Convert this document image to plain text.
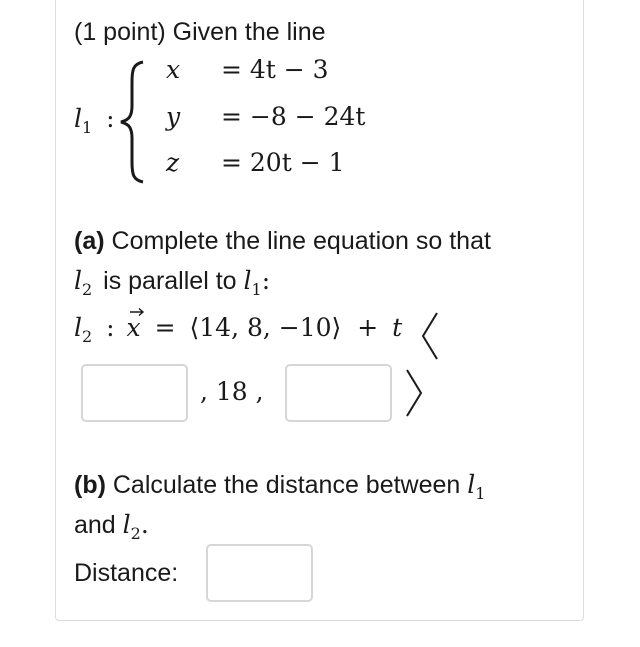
(1 point) Given the line
$l_1$ :
x = 4t − 3
y = −8 − 24t
z = 20t − 1
(a) Complete the line equation so that
$l_2$ is parallel to $l_1$:
$l_2$ : x = ⟨14, 8, −10⟩ + t
, 18 ,
(b) Calculate the distance between $l_1$
and $l_2$.
Distance:
